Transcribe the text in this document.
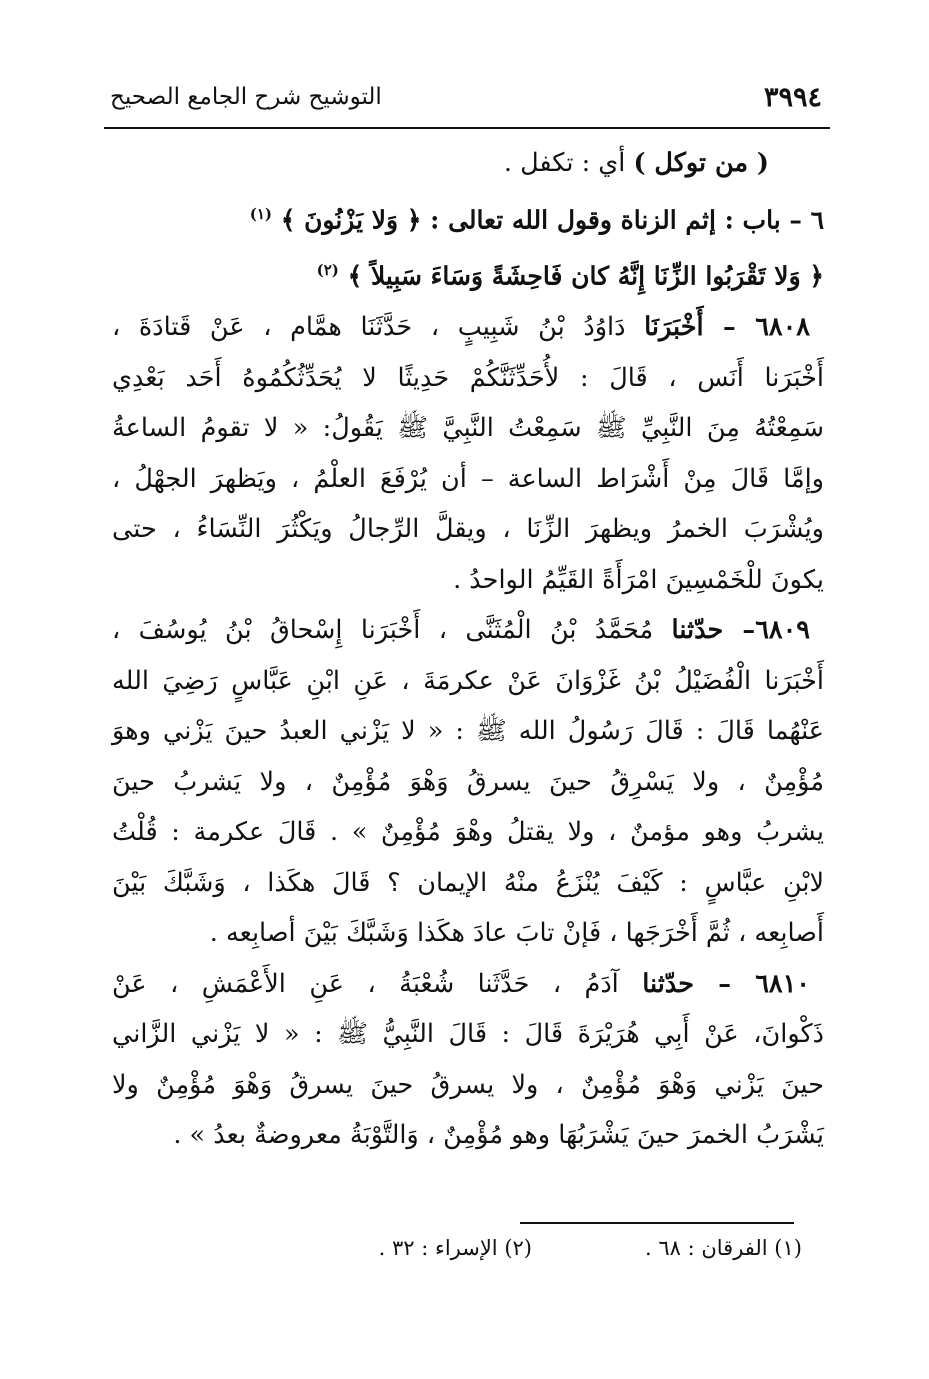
٣٩٩٤
التوشيح شرح الجامع الصحيح
( من توكل ) أي : تكفل .
٦ – باب : إثم الزناة وقول الله تعالى : ﴿ وَلا يَزْنُونَ ﴾ $^{(١)}$
﴿ وَلا تَقْرَبُوا الزِّنَا إِنَّهُ كان فَاحِشَةً وَسَاءَ سَبِيلاً ﴾ $^{(٢)}$
٦٨٠٨ – أَخْبَرَنَا دَاوُدُ بْنُ شَبِيبٍ ، حَدَّثَنَا همَّام ، عَنْ قَتادَةَ ،
أَخْبَرَنا أَنَس ، قَالَ : لأُحَدِّثَنَّكُمْ حَدِيثًا لا يُحَدِّثُكُمُوهُ أَحَد بَعْدِي
سَمِعْتُهُ مِنَ النَّبِيِّ ﷺ سَمِعْتُ النَّبِيَّ ﷺ يَقُولُ: « لا تقومُ الساعةُ
وإمَّا قَالَ مِنْ أَشْرَاط الساعة – أن يُرْفَعَ العلْمُ ، ويَظهرَ الجهْلُ ،
ويُشْرَبَ الخمرُ ويظهرَ الزِّنَا ، ويقلَّ الرِّجالُ ويَكْثُرَ النِّسَاءُ ، حتى
يكونَ للْخَمْسِينَ امْرَأَةً القَيِّمُ الواحدُ .
٦٨٠٩– حدّثنا مُحَمَّدُ بْنُ الْمُثَنَّى ، أَخْبَرَنا إِسْحاقُ بْنُ يُوسُفَ ،
أَخْبَرَنا الْفُضَيْلُ بْنُ غَزْوَانَ عَنْ عكرمَةَ ، عَنِ ابْنِ عَبَّاسٍ رَضِيَ الله
عَنْهُما قَالَ : قَالَ رَسُولُ الله ﷺ : « لا يَزْني العبدُ حينَ يَزْني وهوَ
مُؤْمِنٌ ، ولا يَسْرِقُ حينَ يسرقُ وَهْوَ مُؤْمِنٌ ، ولا يَشربُ حينَ
يشربُ وهو مؤمنٌ ، ولا يقتلُ وهْوَ مُؤْمِنٌ » . قَالَ عكرمة : قُلْتُ
لابْنِ عبَّاسٍ : كَيْفَ يُنْزَعُ منْهُ الإيمان ؟ قَالَ هكَذا ، وَشَبَّكَ بَيْنَ
أَصابِعه ، ثُمَّ أَخْرَجَها ، فَإنْ تابَ عادَ هكَذا وَشَبَّكَ بَيْنَ أصابِعه .
٦٨١٠ – حدّثنا آدَمُ ، حَدَّثَنا شُعْبَةُ ، عَنِ الأَعْمَشِ ، عَنْ
ذَكْوانَ، عَنْ أَبِي هُرَيْرَةَ قَالَ : قَالَ النَّبِيُّ ﷺ : « لا يَزْني الزَّاني
حينَ يَزْني وَهْوَ مُؤْمِنٌ ، ولا يسرقُ حينَ يسرقُ وَهْوَ مُؤْمِنٌ ولا
يَشْرَبُ الخمرَ حينَ يَشْرَبُهَا وهو مُؤْمِنٌ ، وَالتَّوْبَةُ معروضةٌ بعدُ » .
(١) الفرقان : ٦٨ .
(٢) الإسراء : ٣٢ .
